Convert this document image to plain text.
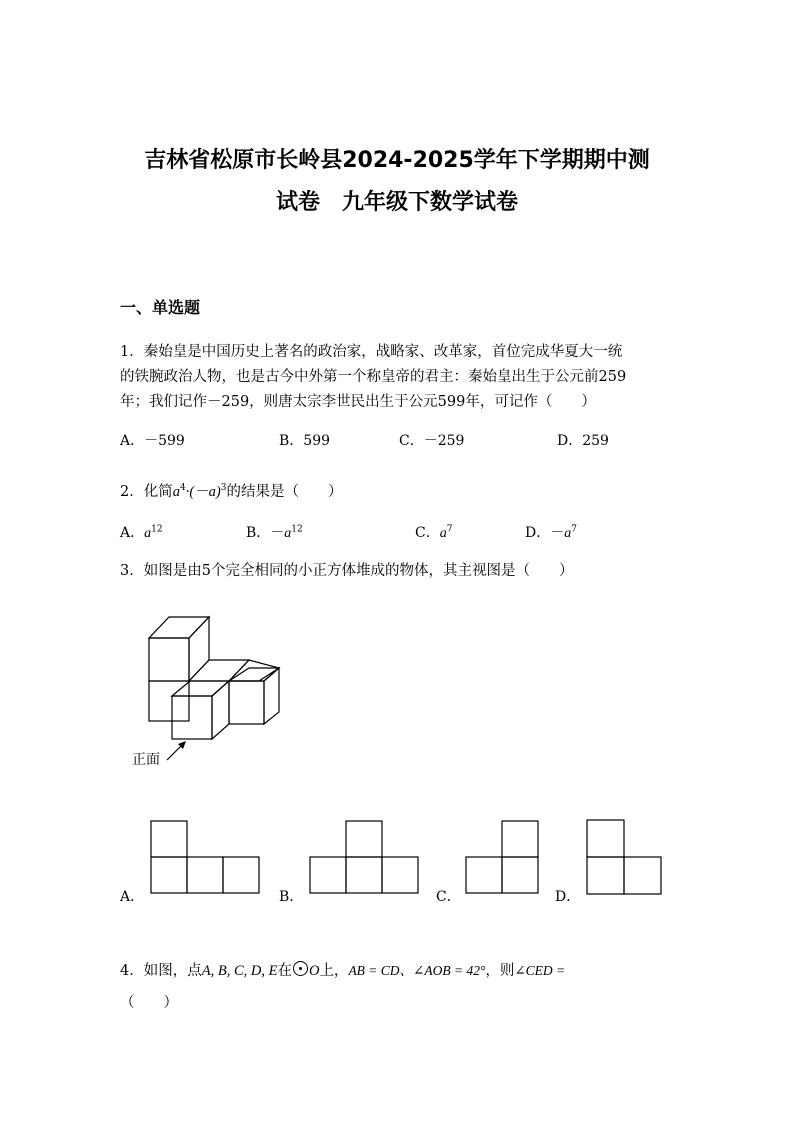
吉林省松原市长岭县2024-2025学年下学期期中测
试卷　九年级下数学试卷
一、单选题
1．秦始皇是中国历史上著名的政治家，战略家、改革家，首位完成华夏大一统
的铁腕政治人物，也是古今中外第一个称皇帝的君主：秦始皇出生于公元前259
年；我们记作－259，则唐太宗李世民出生于公元599年，可记作（　　）
A．－599	B．599	C．－259	D．259
2．化简$a^4\cdot(-a)^3$的结果是（　　）
A．$a^{12}$	B．$-a^{12}$	C．$a^7$	D．$-a^7$
3．如图是由5个完全相同的小正方体堆成的物体，其主视图是（　　）
正面
A．	B．	C．	D．
4．如图，点A, B, C, D, E在 O上，AB = CD、∠AOB = 42°，则∠CED =
（　　）
